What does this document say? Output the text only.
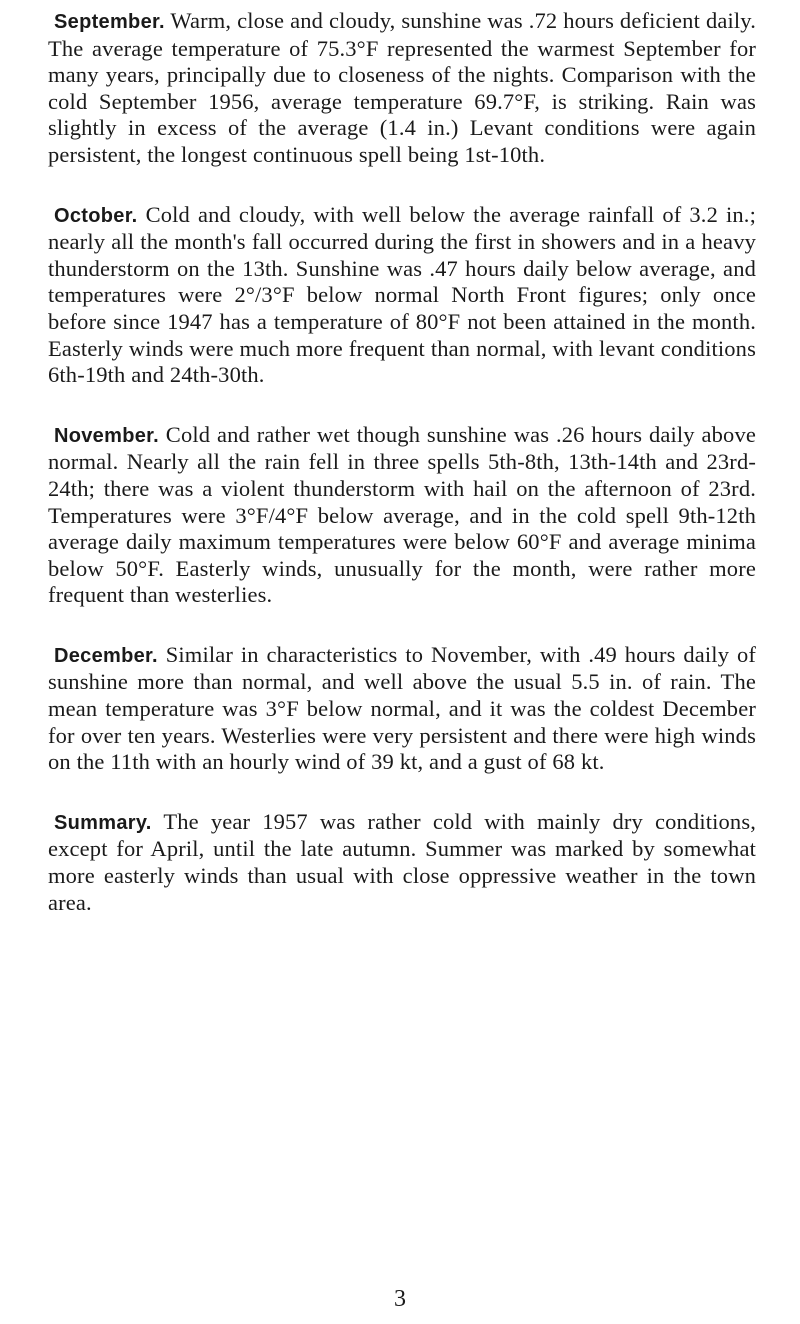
September. Warm, close and cloudy, sunshine was .72 hours deficient daily. The average temperature of 75.3°F represented the warmest September for many years, principally due to closeness of the nights. Comparison with the cold September 1956, average temperature 69.7°F, is striking. Rain was slightly in excess of the average (1.4 in.) Levant conditions were again persistent, the longest continuous spell being 1st-10th.

October. Cold and cloudy, with well below the average rainfall of 3.2 in.; nearly all the month's fall occurred during the first in showers and in a heavy thunderstorm on the 13th. Sunshine was .47 hours daily below average, and temperatures were 2°/3°F below normal North Front figures; only once before since 1947 has a temperature of 80°F not been attained in the month. Easterly winds were much more frequent than normal, with levant conditions 6th-19th and 24th-30th.

November. Cold and rather wet though sunshine was .26 hours daily above normal. Nearly all the rain fell in three spells 5th-8th, 13th-14th and 23rd-24th; there was a violent thunderstorm with hail on the afternoon of 23rd. Temperatures were 3°F/4°F below average, and in the cold spell 9th-12th average daily maximum temperatures were below 60°F and average minima below 50°F. Easterly winds, unusually for the month, were rather more frequent than westerlies.

December. Similar in characteristics to November, with .49 hours daily of sunshine more than normal, and well above the usual 5.5 in. of rain. The mean temperature was 3°F below normal, and it was the coldest December for over ten years. Westerlies were very persistent and there were high winds on the 11th with an hourly wind of 39 kt, and a gust of 68 kt.

Summary. The year 1957 was rather cold with mainly dry conditions, except for April, until the late autumn. Summer was marked by somewhat more easterly winds than usual with close oppressive weather in the town area.

3
